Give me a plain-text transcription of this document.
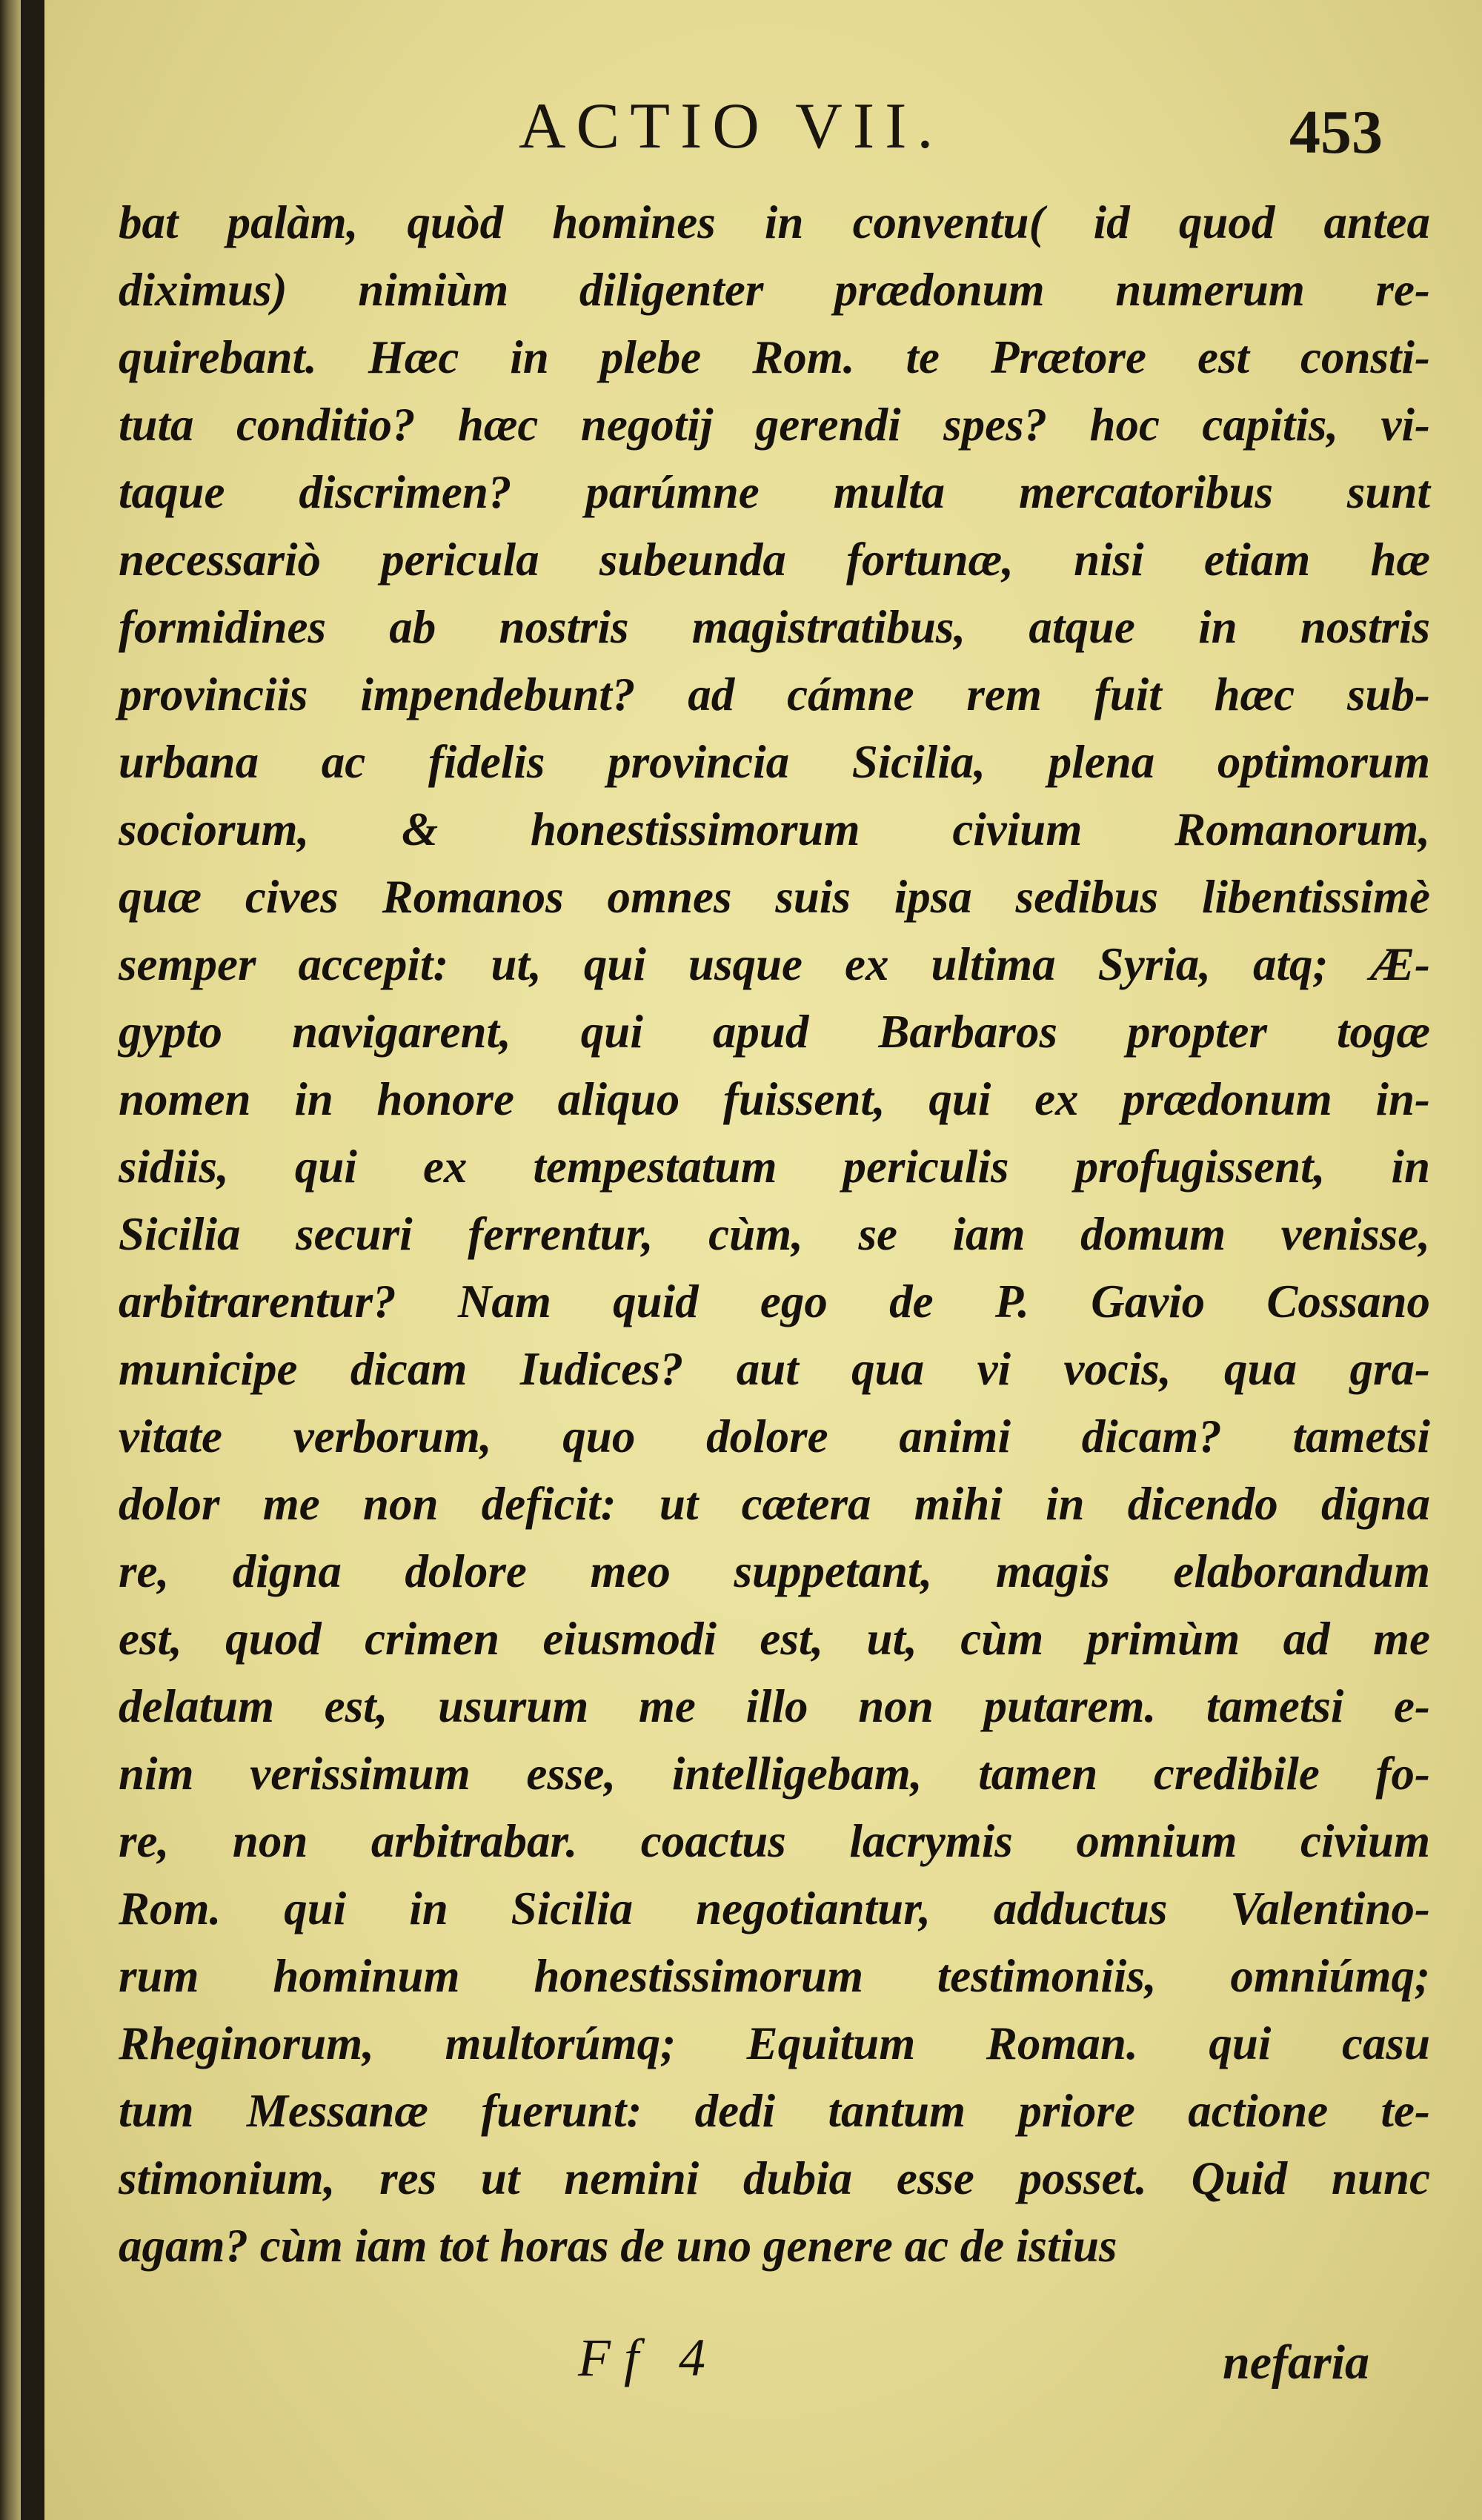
ACTIO VII.	453
bat palàm, quòd homines in conventu( id quod antea
diximus) nimiùm diligenter prædonum numerum re-
quirebant. Hæc in plebe Rom. te Prætore est consti-
tuta conditio? hæc negotij gerendi spes? hoc capitis, vi-
taque discrimen? parúmne multa mercatoribus sunt
necessariò pericula subeunda fortunæ, nisi etiam hæ
formidines ab nostris magistratibus, atque in nostris
provinciis impendebunt? ad cámne rem fuit hæc sub-
urbana ac fidelis provincia Sicilia, plena optimorum
sociorum, & honestissimorum civium Romanorum,
quæ cives Romanos omnes suis ipsa sedibus libentissimè
semper accepit: ut, qui usque ex ultima Syria, atq; Æ-
gypto navigarent, qui apud Barbaros propter togæ
nomen in honore aliquo fuissent, qui ex prædonum in-
sidiis, qui ex tempestatum periculis profugissent, in
Sicilia securi ferrentur, cùm, se iam domum venisse,
arbitrarentur? Nam quid ego de P. Gavio Cossano
municipe dicam Iudices? aut qua vi vocis, qua gra-
vitate verborum, quo dolore animi dicam? tametsi
dolor me non deficit: ut cætera mihi in dicendo digna
re, digna dolore meo suppetant, magis elaborandum
est, quod crimen eiusmodi est, ut, cùm primùm ad me
delatum est, usurum me illo non putarem. tametsi e-
nim verissimum esse, intelligebam, tamen credibile fo-
re, non arbitrabar. coactus lacrymis omnium civium
Rom. qui in Sicilia negotiantur, adductus Valentino-
rum hominum honestissimorum testimoniis, omniúmq;
Rheginorum, multorúmq; Equitum Roman. qui casu
tum Messanæ fuerunt: dedi tantum priore actione te-
stimonium, res ut nemini dubia esse posset. Quid nunc
agam? cùm iam tot horas de uno genere ac de istius
Ff 4	nefaria
